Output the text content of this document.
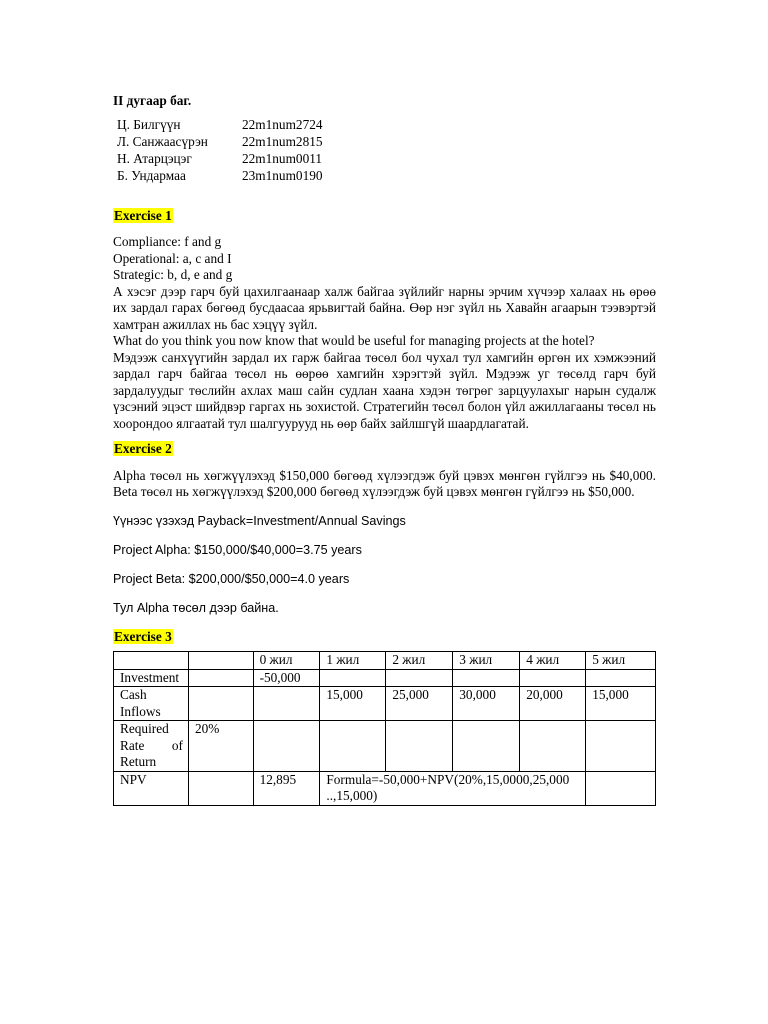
II дугаар баг.
Ц. Билгүүн	22m1num2724
Л. Санжаасүрэн	22m1num2815
Н. Атарцэцэг	22m1num0011
Б. Ундармаа	23m1num0190
Exercise 1

Compliance: f and g

Operational: a, c and I

Strategic: b, d, e and g

А хэсэг дээр гарч буй цахилгаанаар халж байгаа зүйлийг нарны эрчим хүчээр халаах нь өрөө их зардал гарах бөгөөд бусдаасаа ярьвигтай байна. Өөр нэг зүйл нь Хавайн агаарын тээвэртэй хамтран ажиллах нь бас хэцүү зүйл.

What do you think you now know that would be useful for managing projects at the hotel?

Мэдээж санхүүгийн зардал их гарж байгаа төсөл бол чухал тул хамгийн өргөн их хэмжээний зардал гарч байгаа төсөл нь өөрөө хамгийн хэрэгтэй зүйл. Мэдээж уг төсөлд гарч буй зардалуудыг төслийн ахлах маш сайн судлан хаана хэдэн төгрөг зарцуулахыг нарын судалж үзсэний эцэст шийдвэр гаргах нь зохистой. Стратегийн төсөл болон үйл ажиллагааны төсөл нь хоорондоо ялгаатай тул шалгуурууд нь өөр байх зайлшгүй шаардлагатай.

Exercise 2

Alpha төсөл нь хөгжүүлэхэд $150,000 бөгөөд хүлээгдэж буй цэвэх мөнгөн гүйлгээ нь $40,000. Beta төсөл нь хөгжүүлэхэд $200,000 бөгөөд хүлээгдэж буй цэвэх мөнгөн гүйлгээ нь $50,000.

Үүнээс үзэхэд Payback=Investment/Annual Savings

Project Alpha: $150,000/$40,000=3.75 years

Project Beta: $200,000/$50,000=4.0 years

Тул Alpha төсөл дээр байна.

Exercise 3
		0 жил	1 жил	2 жил	3 жил	4 жил	5 жил
Investment		-50,000					
Cash
Inflows			15,000	25,000	30,000	20,000	15,000
Required
Rate of
Return	20%						
NPV		12,895	Formula=-50,000+NPV(20%,15,0000,25,000
..,15,000)				
